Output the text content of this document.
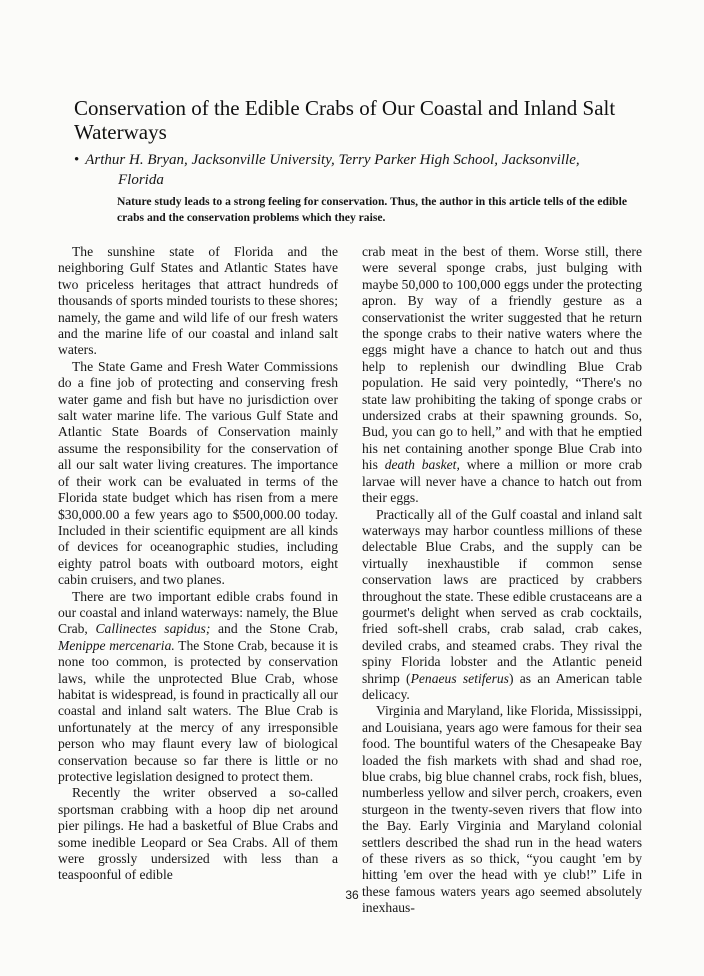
Conservation of the Edible Crabs of Our Coastal and Inland Salt Waterways
• Arthur H. Bryan, Jacksonville University, Terry Parker High School, Jacksonville,
Florida
Nature study leads to a strong feeling for conservation. Thus, the author in this article tells of the edible crabs and the conservation problems which they raise.

The sunshine state of Florida and the neighboring Gulf States and Atlantic States have two priceless heritages that attract hundreds of thousands of sports minded tourists to these shores; namely, the game and wild life of our fresh waters and the marine life of our coastal and inland salt waters.

The State Game and Fresh Water Commissions do a fine job of protecting and conserving fresh water game and fish but have no jurisdiction over salt water marine life. The various Gulf State and Atlantic State Boards of Conservation mainly assume the responsibility for the conservation of all our salt water living creatures. The importance of their work can be evaluated in terms of the Florida state budget which has risen from a mere $30,000.00 a few years ago to $500,000.00 today. Included in their scientific equipment are all kinds of devices for oceanographic studies, including eighty patrol boats with outboard motors, eight cabin cruisers, and two planes.

There are two important edible crabs found in our coastal and inland waterways: namely, the Blue Crab, Callinectes sapidus; and the Stone Crab, Menippe mercenaria. The Stone Crab, because it is none too common, is protected by conservation laws, while the unprotected Blue Crab, whose habitat is widespread, is found in practically all our coastal and inland salt waters. The Blue Crab is unfortunately at the mercy of any irresponsible person who may flaunt every law of biological conservation because so far there is little or no protective legislation designed to protect them.

Recently the writer observed a so-called sportsman crabbing with a hoop dip net around pier pilings. He had a basketful of Blue Crabs and some inedible Leopard or Sea Crabs. All of them were grossly undersized with less than a teaspoonful of edible

crab meat in the best of them. Worse still, there were several sponge crabs, just bulging with maybe 50,000 to 100,000 eggs under the protecting apron. By way of a friendly gesture as a conservationist the writer suggested that he return the sponge crabs to their native waters where the eggs might have a chance to hatch out and thus help to replenish our dwindling Blue Crab population. He said very pointedly, “There's no state law prohibiting the taking of sponge crabs or undersized crabs at their spawning grounds. So, Bud, you can go to hell,” and with that he emptied his net containing another sponge Blue Crab into his death basket, where a million or more crab larvae will never have a chance to hatch out from their eggs.

Practically all of the Gulf coastal and inland salt waterways may harbor countless millions of these delectable Blue Crabs, and the supply can be virtually inexhaustible if common sense conservation laws are practiced by crabbers throughout the state. These edible crustaceans are a gourmet's delight when served as crab cocktails, fried soft-shell crabs, crab salad, crab cakes, deviled crabs, and steamed crabs. They rival the spiny Florida lobster and the Atlantic peneid shrimp (Penaeus setiferus) as an American table delicacy.

Virginia and Maryland, like Florida, Mississippi, and Louisiana, years ago were famous for their sea food. The bountiful waters of the Chesapeake Bay loaded the fish markets with shad and shad roe, blue crabs, big blue channel crabs, rock fish, blues, numberless yellow and silver perch, croakers, even sturgeon in the twenty-seven rivers that flow into the Bay. Early Virginia and Maryland colonial settlers described the shad run in the head waters of these rivers as so thick, “you caught 'em by hitting 'em over the head with ye club!” Life in these famous waters years ago seemed absolutely inexhaus-

36
